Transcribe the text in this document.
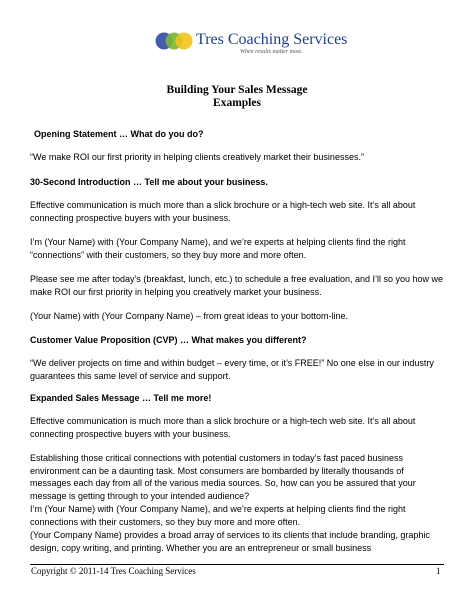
Tres Coaching Services
When results matter most.
Building Your Sales Message
Examples

Opening Statement … What do you do?

“We make ROI our first priority in helping clients creatively market their businesses.”

30-Second Introduction … Tell me about your business.

Effective communication is much more than a slick brochure or a high-tech web site. It’s all about connecting prospective buyers with your business.

I’m (Your Name) with (Your Company Name), and we’re experts at helping clients find the right “connections” with their customers, so they buy more and more often.

Please see me after today’s (breakfast, lunch, etc.) to schedule a free evaluation, and I’ll so you how we make ROI our first priority in helping you creatively market your business.

(Your Name) with (Your Company Name) – from great ideas to your bottom-line.

Customer Value Proposition (CVP) … What makes you different?

“We deliver projects on time and within budget – every time, or it’s FREE!” No one else in our industry guarantees this same level of service and support.

Expanded Sales Message … Tell me more!

Effective communication is much more than a slick brochure or a high-tech web site. It’s all about connecting prospective buyers with your business.

Establishing those critical connections with potential customers in today’s fast paced business environment can be a daunting task. Most consumers are bombarded by literally thousands of messages each day from all of the various media sources. So, how can you be assured that your message is getting through to your intended audience?

I’m (Your Name) with (Your Company Name), and we’re experts at helping clients find the right connections with their customers, so they buy more and more often.

(Your Company Name) provides a broad array of services to its clients that include branding, graphic design, copy writing, and printing. Whether you are an entrepreneur or small business

Copyright © 2011-14 Tres Coaching Services	1
